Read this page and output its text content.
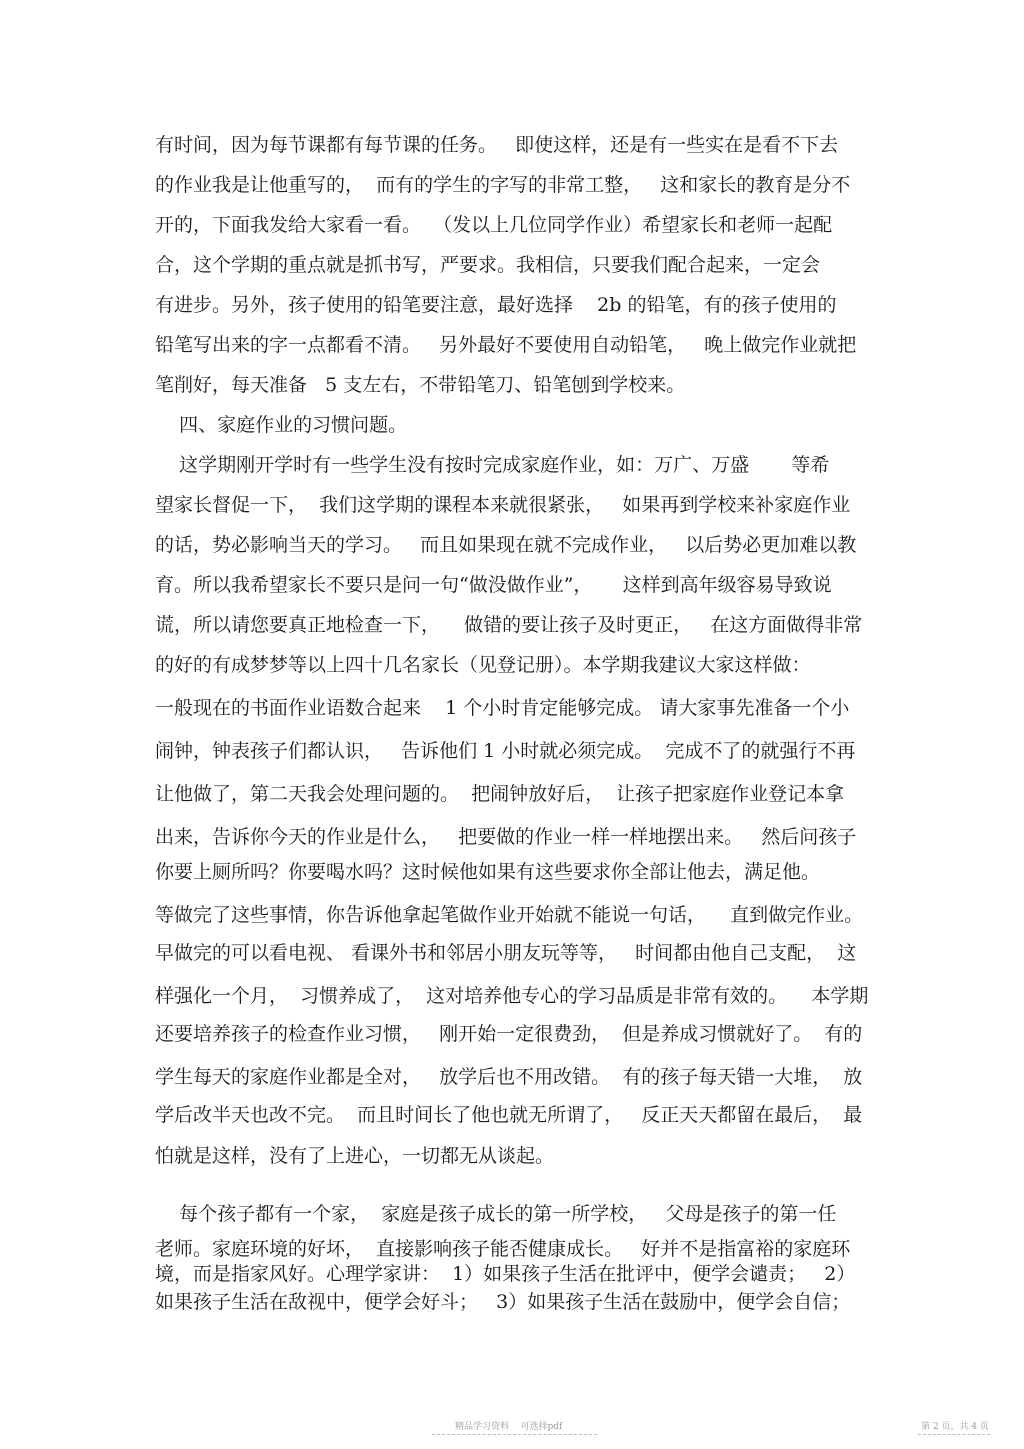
有时间，因为每节课都有每节课的任务。   即使这样，还是有一些实在是看不下去
的作业我是让他重写的，  而有的学生的字写的非常工整，   这和家长的教育是分不
开的，下面我发给大家看一看。  （发以上几位同学作业）希望家长和老师一起配
合，这个学期的重点就是抓书写，严要求。我相信，只要我们配合起来，一定会
有进步。另外，孩子使用的铅笔要注意，最好选择    2b 的铅笔，有的孩子使用的
铅笔写出来的字一点都看不清。   另外最好不要使用自动铅笔，   晚上做完作业就把
笔削好，每天准备   5 支左右，不带铅笔刀、铅笔刨到学校来。
四、家庭作业的习惯问题。
这学期刚开学时有一些学生没有按时完成家庭作业，如：万广、万盛       等希
望家长督促一下，  我们这学期的课程本来就很紧张，   如果再到学校来补家庭作业
的话，势必影响当天的学习。   而且如果现在就不完成作业，   以后势必更加难以教
育。所以我希望家长不要只是问一句“做没做作业”，     这样到高年级容易导致说
谎，所以请您要真正地检查一下，    做错的要让孩子及时更正，   在这方面做得非常
的好的有成梦梦等以上四十几名家长（见登记册）。本学期我建议大家这样做：
一般现在的书面作业语数合起来    1 个小时肯定能够完成。 请大家事先准备一个小
闹钟，钟表孩子们都认识，   告诉他们 1 小时就必须完成。  完成不了的就强行不再
让他做了，第二天我会处理问题的。  把闹钟放好后，  让孩子把家庭作业登记本拿
出来，告诉你今天的作业是什么，   把要做的作业一样一样地摆出来。   然后问孩子
你要上厕所吗？你要喝水吗？这时候他如果有这些要求你全部让他去，满足他。
等做完了这些事情，你告诉他拿起笔做作业开始就不能说一句话，    直到做完作业。
早做完的可以看电视、 看课外书和邻居小朋友玩等等，   时间都由他自己支配，  这
样强化一个月，  习惯养成了，  这对培养他专心的学习品质是非常有效的。    本学期
还要培养孩子的检查作业习惯，   刚开始一定很费劲，  但是养成习惯就好了。  有的
学生每天的家庭作业都是全对，   放学后也不用改错。  有的孩子每天错一大堆，  放
学后改半天也改不完。  而且时间长了他也就无所谓了，   反正天天都留在最后，  最
怕就是这样，没有了上进心，一切都无从谈起。
每个孩子都有一个家，  家庭是孩子成长的第一所学校，   父母是孩子的第一任
老师。家庭环境的好坏，  直接影响孩子能否健康成长。   好并不是指富裕的家庭环
境，而是指家风好。心理学家讲：  1）如果孩子生活在批评中，便学会谴责；   2）
如果孩子生活在敌视中，便学会好斗；   3）如果孩子生活在鼓励中，便学会自信；
精品学习资料    可选择pdf	第 2 页，共 4 页
